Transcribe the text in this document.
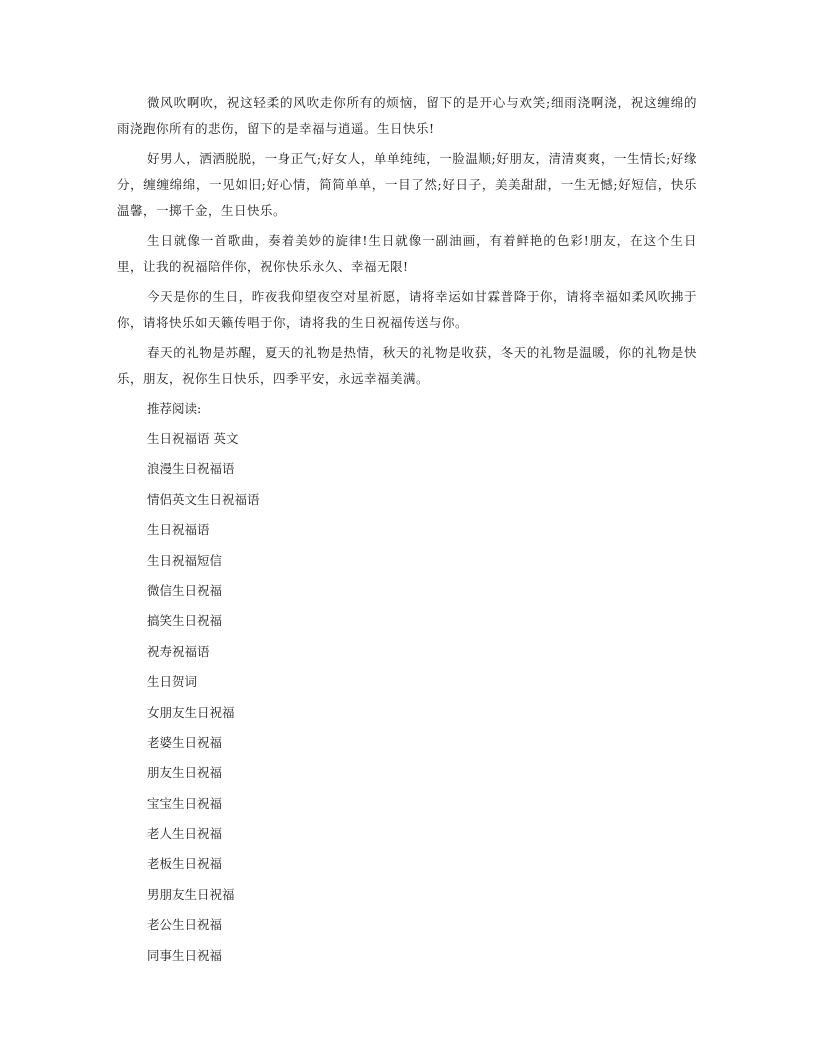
微风吹啊吹，祝这轻柔的风吹走你所有的烦恼，留下的是开心与欢笑;细雨浇啊浇，祝这缠绵的雨浇跑你所有的悲伤，留下的是幸福与逍遥。生日快乐!

好男人，洒洒脱脱，一身正气;好女人，单单纯纯，一脸温顺;好朋友，清清爽爽，一生情长;好缘分，缠缠绵绵，一见如旧;好心情，简简单单，一目了然;好日子，美美甜甜，一生无憾;好短信，快乐温馨，一掷千金，生日快乐。

生日就像一首歌曲，奏着美妙的旋律!生日就像一副油画，有着鲜艳的色彩!朋友，在这个生日里，让我的祝福陪伴你，祝你快乐永久、幸福无限!

今天是你的生日，昨夜我仰望夜空对星祈愿，请将幸运如甘霖普降于你，请将幸福如柔风吹拂于你，请将快乐如天籁传唱于你，请将我的生日祝福传送与你。

春天的礼物是苏醒，夏天的礼物是热情，秋天的礼物是收获，冬天的礼物是温暖，你的礼物是快乐，朋友，祝你生日快乐，四季平安，永远幸福美满。

推荐阅读:

生日祝福语 英文
浪漫生日祝福语
情侣英文生日祝福语
生日祝福语
生日祝福短信
微信生日祝福
搞笑生日祝福
祝寿祝福语
生日贺词
女朋友生日祝福
老婆生日祝福
朋友生日祝福
宝宝生日祝福
老人生日祝福
老板生日祝福
男朋友生日祝福
老公生日祝福
同事生日祝福
